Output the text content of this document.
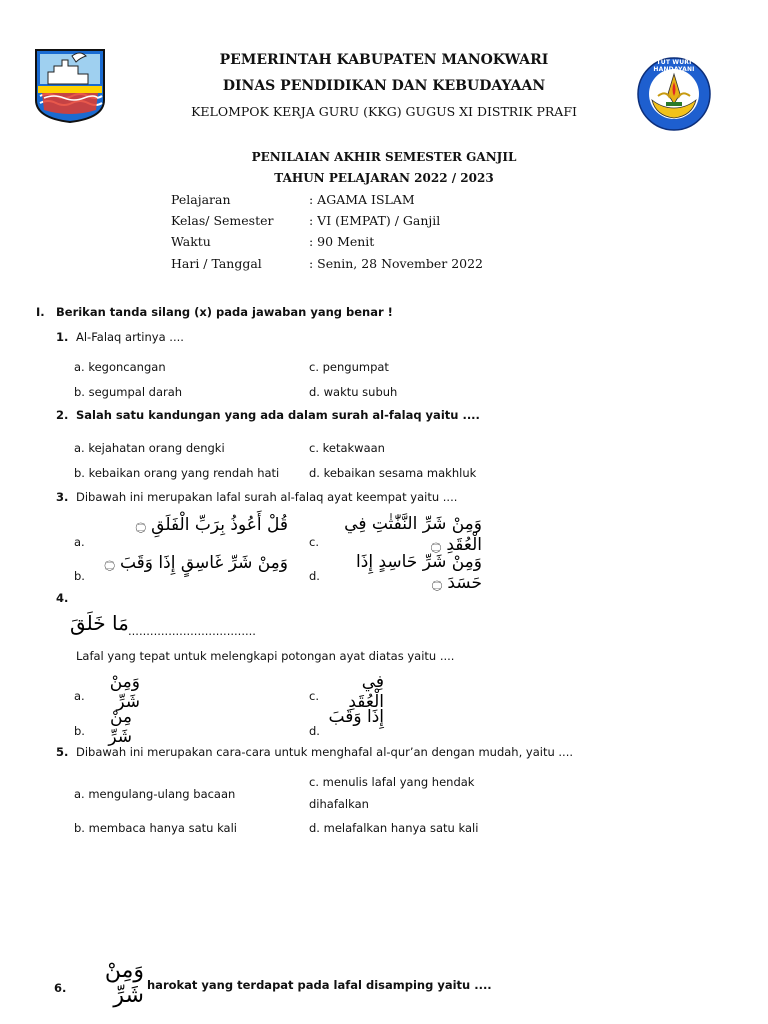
TUT WURI HANDAYANI
PEMERINTAH KABUPATEN MANOKWARI
DINAS PENDIDIKAN DAN KEBUDAYAAN
KELOMPOK KERJA GURU (KKG) GUGUS XI DISTRIK PRAFI
PENILAIAN AKHIR SEMESTER GANJIL
TAHUN PELAJARAN 2022 / 2023
Pelajaran	: AGAMA ISLAM
Kelas/ Semester	: VI (EMPAT) / Ganjil
Waktu	: 90 Menit
Hari / Tanggal	: Senin, 28 November 2022
I. Berikan tanda silang (x) pada jawaban yang benar !
1. Al-Falaq artinya ....
a. kegoncangan
b. segumpal darah
c. pengumpat
d. waktu subuh
2. Salah satu kandungan yang ada dalam surah al-falaq yaitu ....
a. kejahatan orang dengki
b. kebaikan orang yang rendah hati
c. ketakwaan
d. kebaikan sesama makhluk
3. Dibawah ini merupakan lafal surah al-falaq ayat keempat yaitu ....
a.
قُلْ أَعُوذُ بِرَبِّ الْفَلَقِ ۝
b.
وَمِنْ شَرِّ غَاسِقٍ إِذَا وَقَبَ ۝
c.
وَمِنْ شَرِّ النَّفّٰثٰتِ فِي الْعُقَدِ ۝
d.
وَمِنْ شَرِّ حَاسِدٍ إِذَا حَسَدَ ۝
4.
مَا خَلَقَ ...................................
Lafal yang tepat untuk melengkapi potongan ayat diatas yaitu ....
a.
وَمِنْ شَرِّ
b.
مِنْ شَرِّ
c.
فِي الْعُقَدِ
d.
إِذَا وَقَبَ
5. Dibawah ini merupakan cara-cara untuk menghafal al-qur’an dengan mudah, yaitu ....
a. mengulang-ulang bacaan
b. membaca hanya satu kali
c. menulis lafal yang hendak
dihafalkan
d. melafalkan hanya satu kali
6.
وَمِنْ شَرِّ harokat yang terdapat pada lafal disamping yaitu ....
